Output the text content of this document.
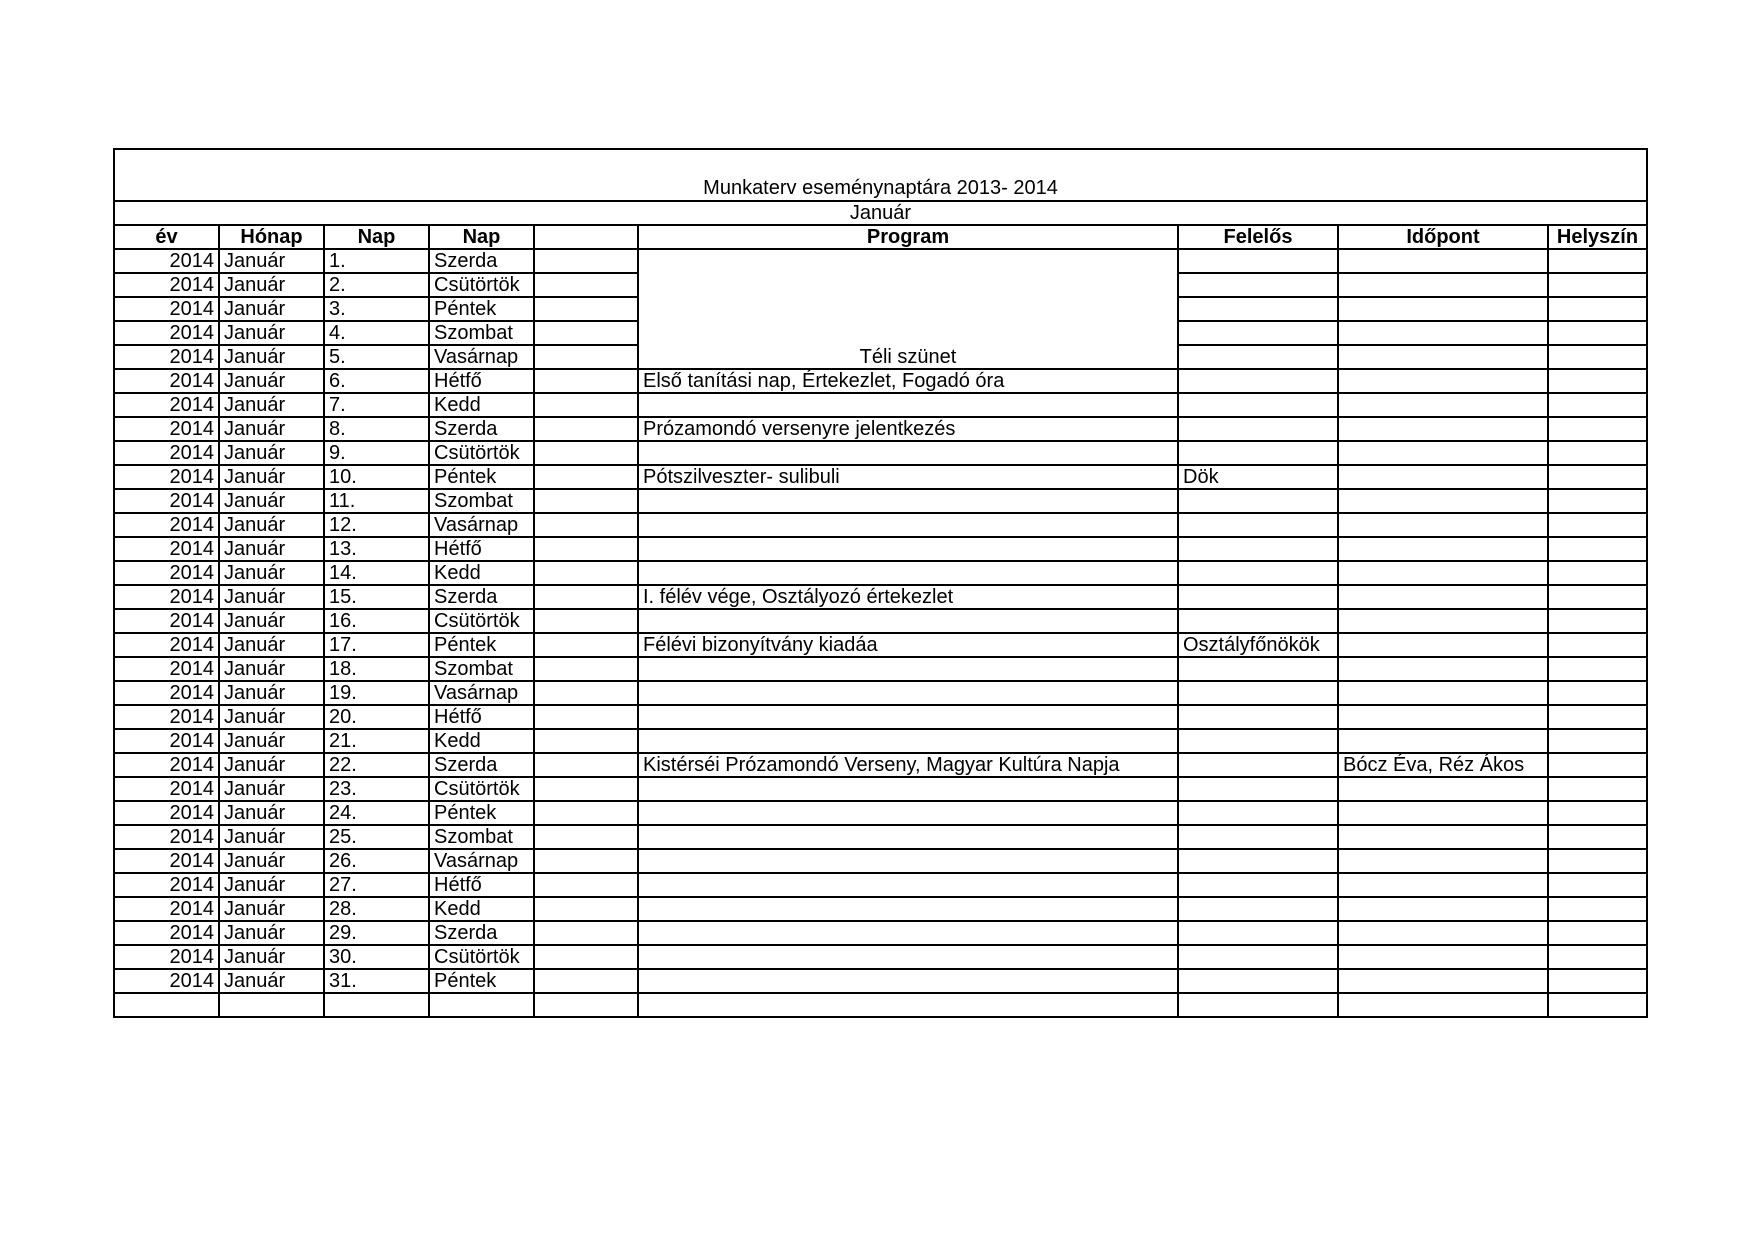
Munkaterv eseménynaptára 2013- 2014								
Január								
év	Hónap	Nap	Nap		Program	Felelős	Időpont	Helyszín
2014	Január	1.	Szerda		Téli szünet			
2014	Január	2.	Csütörtök					
2014	Január	3.	Péntek					
2014	Január	4.	Szombat					
2014	Január	5.	Vasárnap					
2014	Január	6.	Hétfő		Első tanítási nap, Értekezlet, Fogadó óra			
2014	Január	7.	Kedd					
2014	Január	8.	Szerda		Prózamondó versenyre jelentkezés			
2014	Január	9.	Csütörtök					
2014	Január	10.	Péntek		Pótszilveszter- sulibuli	Dök		
2014	Január	11.	Szombat					
2014	Január	12.	Vasárnap					
2014	Január	13.	Hétfő					
2014	Január	14.	Kedd					
2014	Január	15.	Szerda		I. félév vége, Osztályozó értekezlet			
2014	Január	16.	Csütörtök					
2014	Január	17.	Péntek		Félévi bizonyítvány kiadáa	Osztályfőnökök		
2014	Január	18.	Szombat					
2014	Január	19.	Vasárnap					
2014	Január	20.	Hétfő					
2014	Január	21.	Kedd					
2014	Január	22.	Szerda		Kistérséi Prózamondó Verseny, Magyar Kultúra Napja		Bócz Éva, Réz Ákos	
2014	Január	23.	Csütörtök					
2014	Január	24.	Péntek					
2014	Január	25.	Szombat					
2014	Január	26.	Vasárnap					
2014	Január	27.	Hétfő					
2014	Január	28.	Kedd					
2014	Január	29.	Szerda					
2014	Január	30.	Csütörtök					
2014	Január	31.	Péntek					
